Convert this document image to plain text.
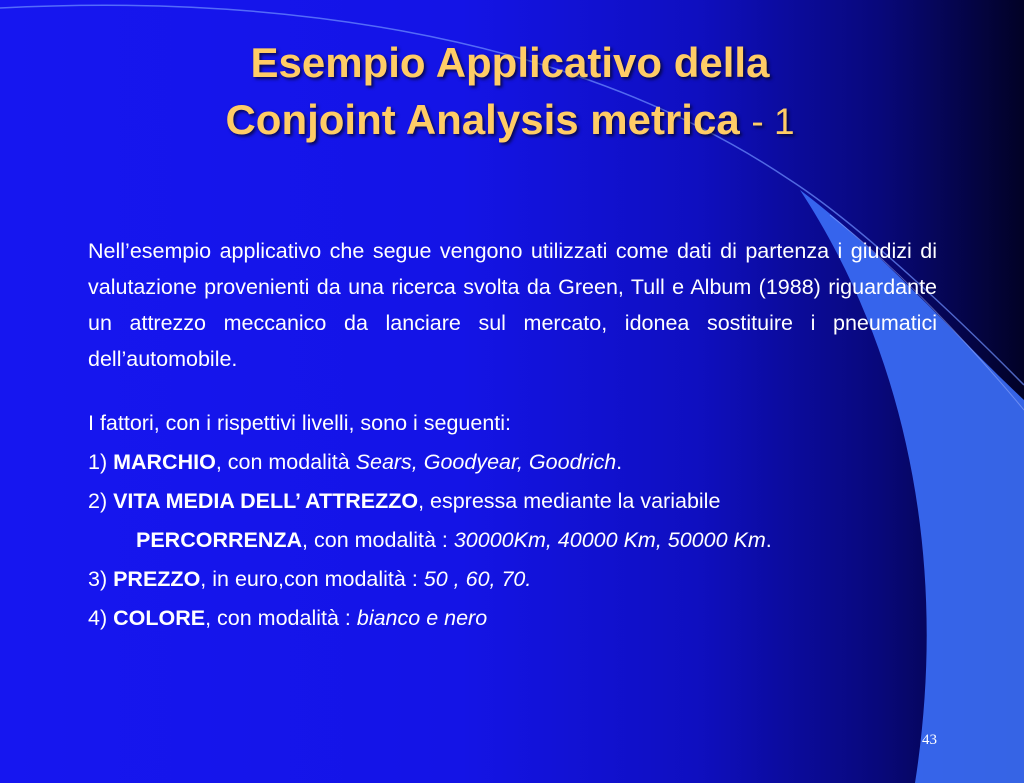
Esempio Applicativo della
Conjoint Analysis metrica - 1

Nell’esempio applicativo che segue vengono utilizzati come dati di partenza i giudizi di valutazione provenienti da una ricerca svolta da Green, Tull e Album (1988) riguardante un attrezzo meccanico da lanciare sul mercato, idonea sostituire i pneumatici dell’automobile.

I fattori, con i rispettivi livelli, sono i seguenti:

1) MARCHIO, con modalità Sears, Goodyear, Goodrich.

2) VITA MEDIA DELL’ ATTREZZO, espressa mediante la variabile

PERCORRENZA, con modalità : 30000Km, 40000 Km, 50000 Km.

3) PREZZO, in euro,con modalità : 50 , 60, 70.

4) COLORE, con modalità : bianco e nero

43
